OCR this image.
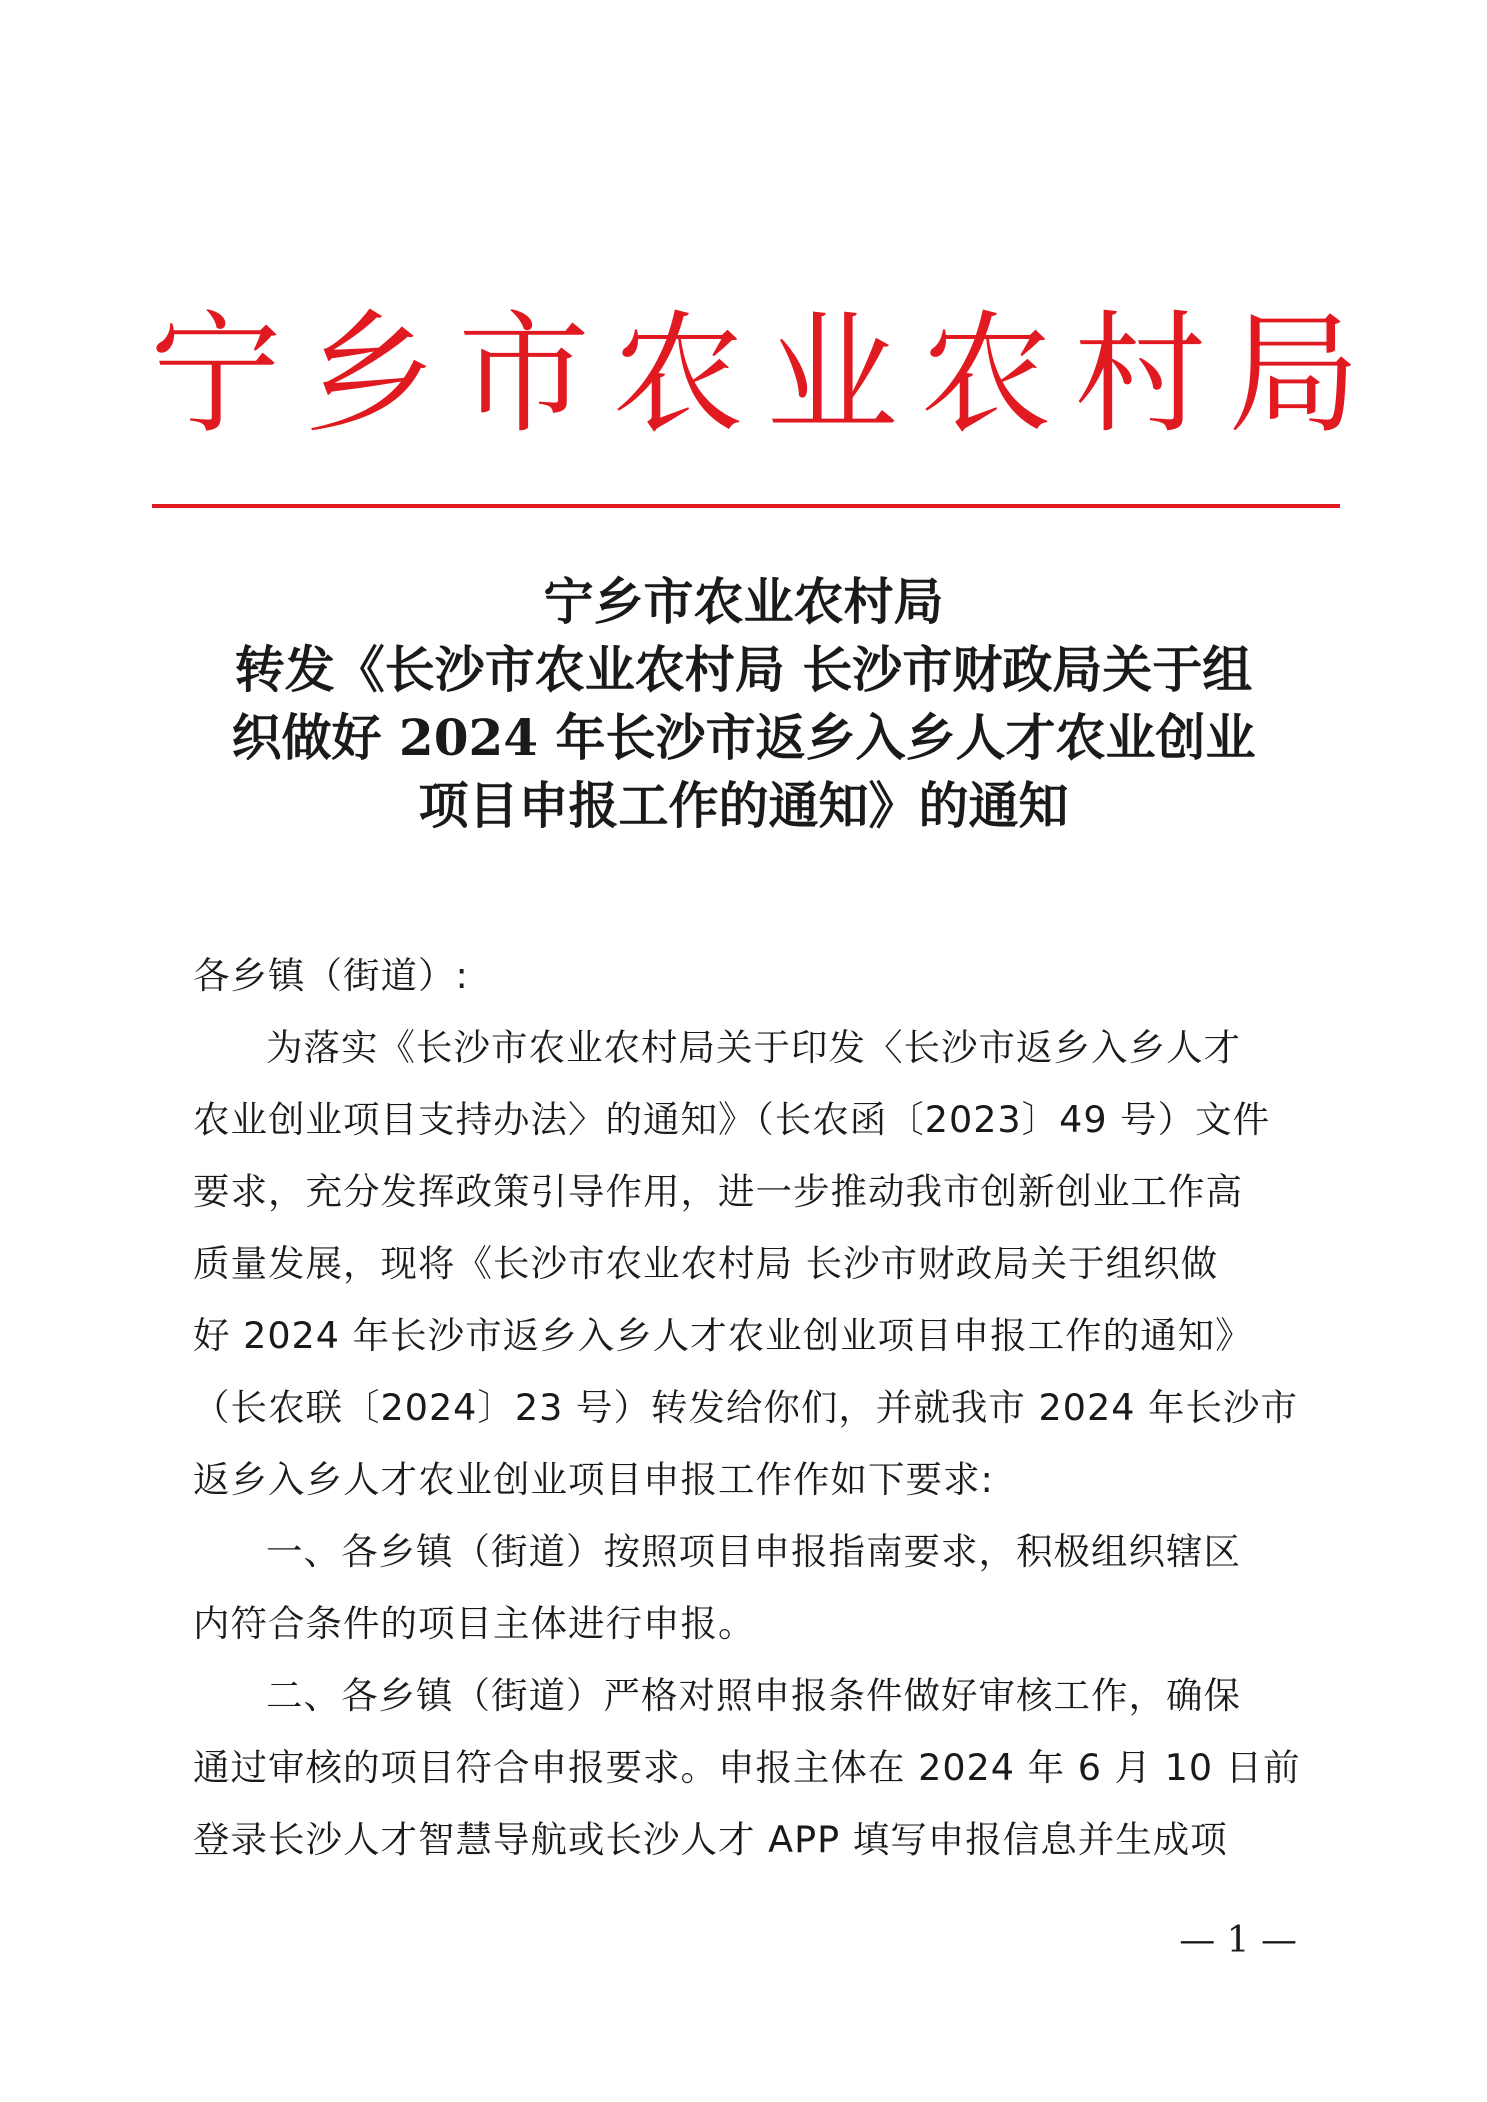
宁乡市农业农村局
宁乡市农业农村局
转发《长沙市农业农村局 长沙市财政局关于组
织做好 2024 年长沙市返乡入乡人才农业创业
项目申报工作的通知》的通知
各乡镇（街道）:
为落实《长沙市农业农村局关于印发〈长沙市返乡入乡人才
农业创业项目支持办法〉的通知》（长农函〔2023〕49 号）文件
要求，充分发挥政策引导作用，进一步推动我市创新创业工作高
质量发展，现将《长沙市农业农村局 长沙市财政局关于组织做
好 2024 年长沙市返乡入乡人才农业创业项目申报工作的通知》
（长农联〔2024〕23 号）转发给你们，并就我市 2024 年长沙市
返乡入乡人才农业创业项目申报工作作如下要求:
一、各乡镇（街道）按照项目申报指南要求，积极组织辖区
内符合条件的项目主体进行申报。
二、各乡镇（街道）严格对照申报条件做好审核工作，确保
通过审核的项目符合申报要求。申报主体在 2024 年 6 月 10 日前
登录长沙人才智慧导航或长沙人才 APP 填写申报信息并生成项
— 1 —
